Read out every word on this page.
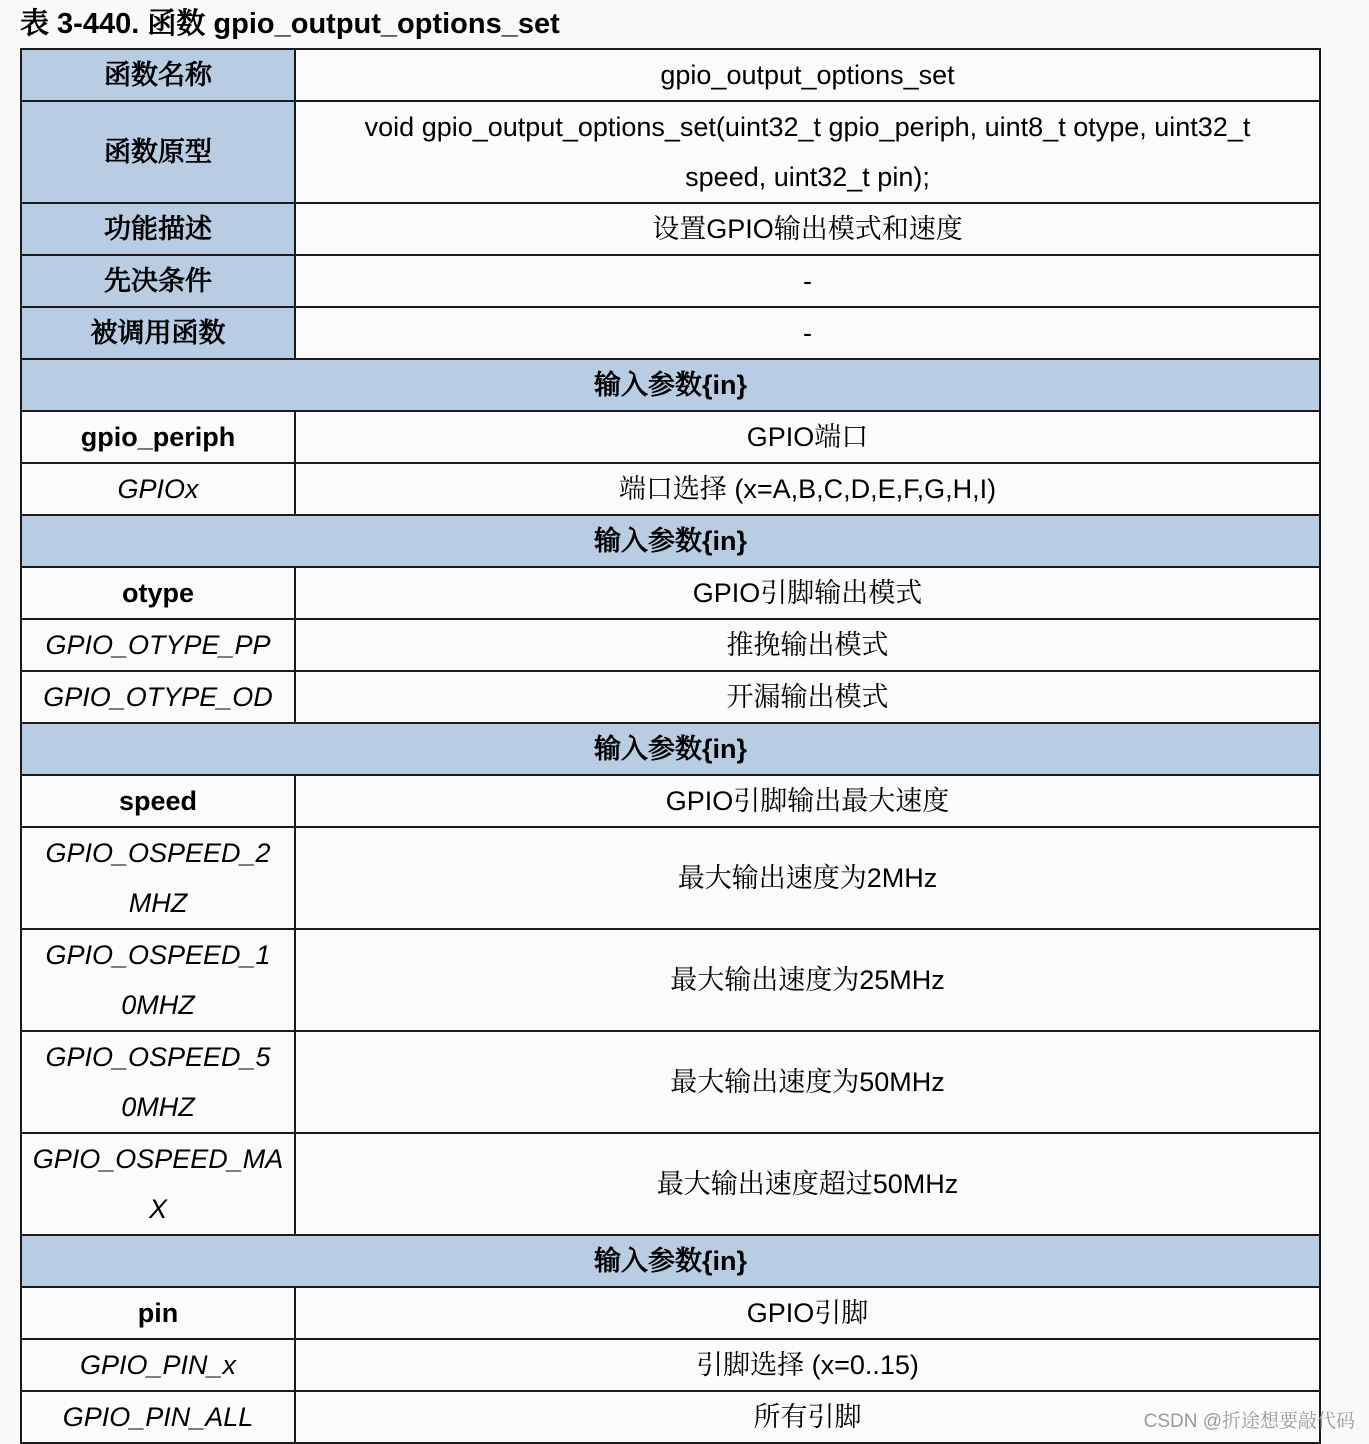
表 3-440. 函数 gpio_output_options_set
函数名称	gpio_output_options_set
函数原型	void gpio_output_options_set(uint32_t gpio_periph, uint8_t otype, uint32_t speed, uint32_t pin);
功能描述	设置GPIO输出模式和速度
先决条件	-
被调用函数	-
输入参数{in}	
gpio_periph	GPIO端口
GPIOx	端口选择 (x=A,B,C,D,E,F,G,H,I)
输入参数{in}	
otype	GPIO引脚输出模式
GPIO_OTYPE_PP	推挽输出模式
GPIO_OTYPE_OD	开漏输出模式
输入参数{in}	
speed	GPIO引脚输出最大速度
GPIO_OSPEED_2MHZ	最大输出速度为2MHz
GPIO_OSPEED_10MHZ	最大输出速度为25MHz
GPIO_OSPEED_50MHZ	最大输出速度为50MHz
GPIO_OSPEED_MAX	最大输出速度超过50MHz
输入参数{in}	
pin	GPIO引脚
GPIO_PIN_x	引脚选择 (x=0..15)
GPIO_PIN_ALL	所有引脚	CSDN @折途想要敲代码
